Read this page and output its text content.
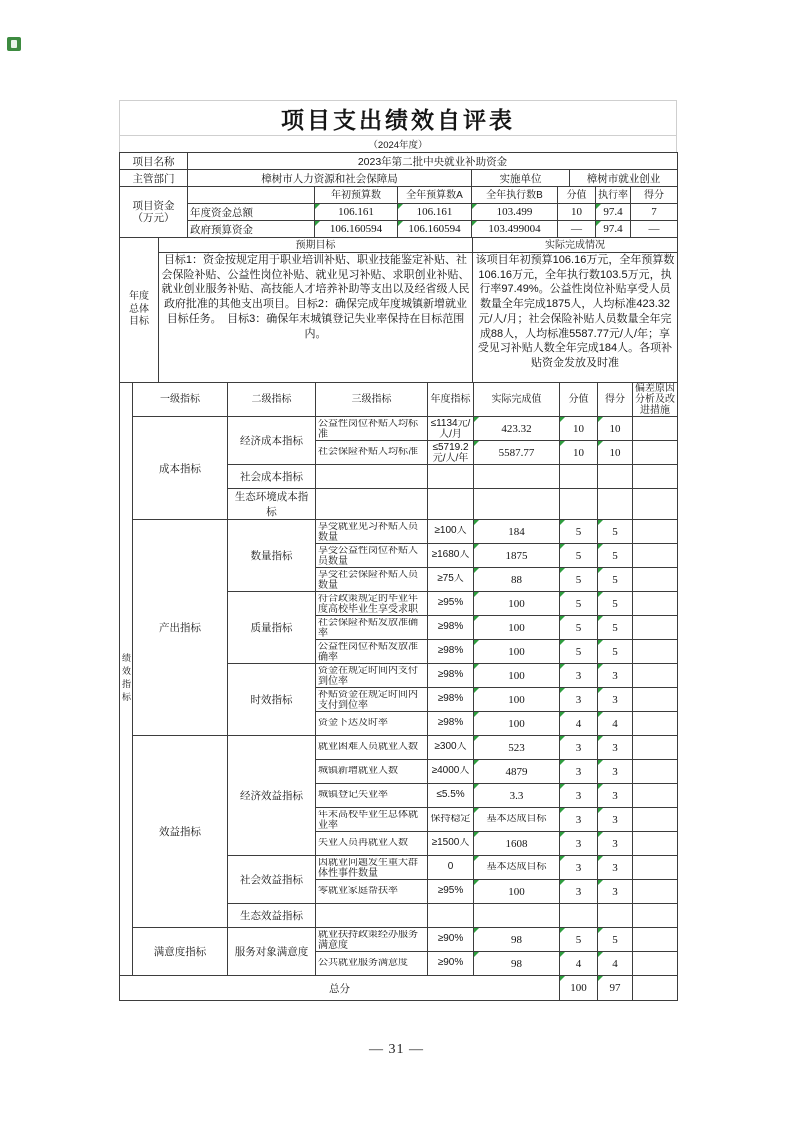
项目支出绩效自评表
（2024年度）
项目名称	2023年第二批中央就业补助资金		
主管部门	樟树市人力资源和社会保障局	实施单位	樟树市就业创业
项目资金（万元）		年初预算数	全年预算数A	全年执行数B	分值	执行率	得分
	年度资金总额	106.161	106.161	103.499	10	97.4	7
	政府预算资金	106.160594	106.160594	103.499004	—	97.4	—
年度总体目标	预期目标	实际完成情况

	目标1：资金按规定用于职业培训补贴、职业技能鉴定补贴、社会保险补贴、公益性岗位补贴、就业见习补贴、求职创业补贴、就业创业服务补贴、高技能人才培养补助等支出以及经省级人民政府批准的其他支出项目。目标2：确保完成年度城镇新增就业目标任务。　目标3：确保年末城镇登记失业率保持在目标范围内。	该项目年初预算106.16万元，全年预算数106.16万元，全年执行数103.5万元，执行率97.49%。公益性岗位补贴享受人员数量全年完成1875人，人均标准423.32元/人/月；社会保险补贴人员数量全年完成88人，人均标准5587.77元/人/年；享受见习补贴人数全年完成184人。各项补贴资金发放及时准
绩效指标	一级指标	二级指标	三级指标	年度指标	实际完成值	分值	得分	偏差原因分析及改进措施
	成本指标	经济成本指标	公益性岗位补贴人均标准	≤1134元/人/月	423.32	10	10	

			社会保险补贴人均标准	≤5719.2元/人/年	5587.77	10	10	
		社会成本指标						
		生态环境成本指标						
	产出指标	数量指标	享受就业见习补贴人员数量	≥100人	184	5	5	

			享受公益性岗位补贴人员数量	≥1680人	1875	5	5	

			享受社会保险补贴人员数量	≥75人	88	5	5	
		质量指标	符合政策规定的毕业年度高校毕业生享受求职	≥95%	100	5	5	

			社会保险补贴发放准确率	≥98%	100	5	5	

			公益性岗位补贴发放准确率	≥98%	100	5	5	
		时效指标	资金在规定时间内支付到位率	≥98%	100	3	3	

			补贴资金在规定时间内支付到位率	≥98%	100	3	3	

			资金下达及时率	≥98%	100	4	4	
	效益指标	经济效益指标	就业困难人员就业人数	≥300人	523	3	3	

			城镇新增就业人数	≥4000人	4879	3	3	

			城镇登记失业率	≤5.5%	3.3	3	3	

			年末高校毕业生总体就业率	保持稳定	基本达成目标	3	3	

			失业人员再就业人数	≥1500人	1608	3	3	
		社会效益指标	因就业问题发生重大群体性事件数量	0	基本达成目标	3	3	

			零就业家庭帮扶率	≥95%	100	3	3	
		生态效益指标						
	满意度指标	服务对象满意度	就业扶持政策经办服务满意度	≥90%	98	5	5	

			公共就业服务满意度	≥90%	98	4	4	
总分						100	97	
— 31 —
